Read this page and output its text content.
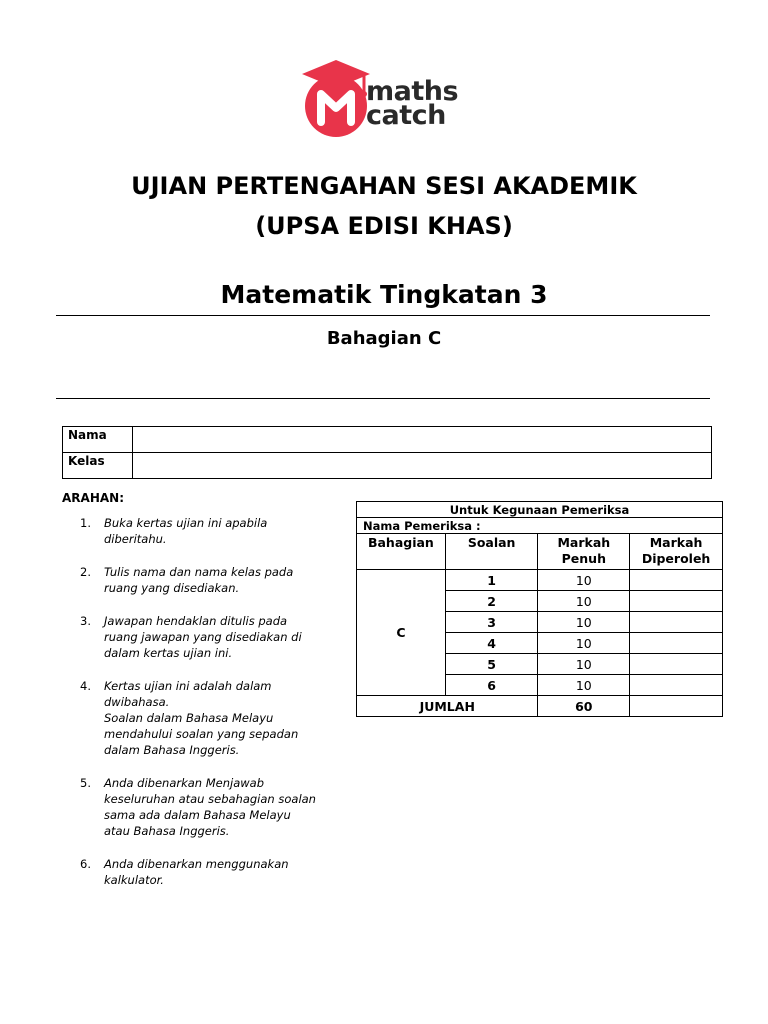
maths
catch
UJIAN PERTENGAHAN SESI AKADEMIK
(UPSA EDISI KHAS)
Matematik Tingkatan 3
Bahagian C
Nama	
Kelas	
ARAHAN:
1. Buka kertas ujian ini apabila
diberitahu.
2. Tulis nama dan nama kelas pada
ruang yang disediakan.
3. Jawapan hendaklan ditulis pada
ruang jawapan yang disediakan di
dalam kertas ujian ini.
4. Kertas ujian ini adalah dalam
dwibahasa.
Soalan dalam Bahasa Melayu
mendahului soalan yang sepadan
dalam Bahasa Inggeris.
5. Anda dibenarkan Menjawab
keseluruhan atau sebahagian soalan
sama ada dalam Bahasa Melayu
atau Bahasa Inggeris.
6. Anda dibenarkan menggunakan
kalkulator.
Untuk Kegunaan Pemeriksa			
Nama Pemeriksa :			
Bahagian	Soalan	Markah Penuh	Markah Diperoleh
C	1	10	
	2	10	
	3	10	
	4	10	
	5	10	
	6	10	
JUMLAH		60	
